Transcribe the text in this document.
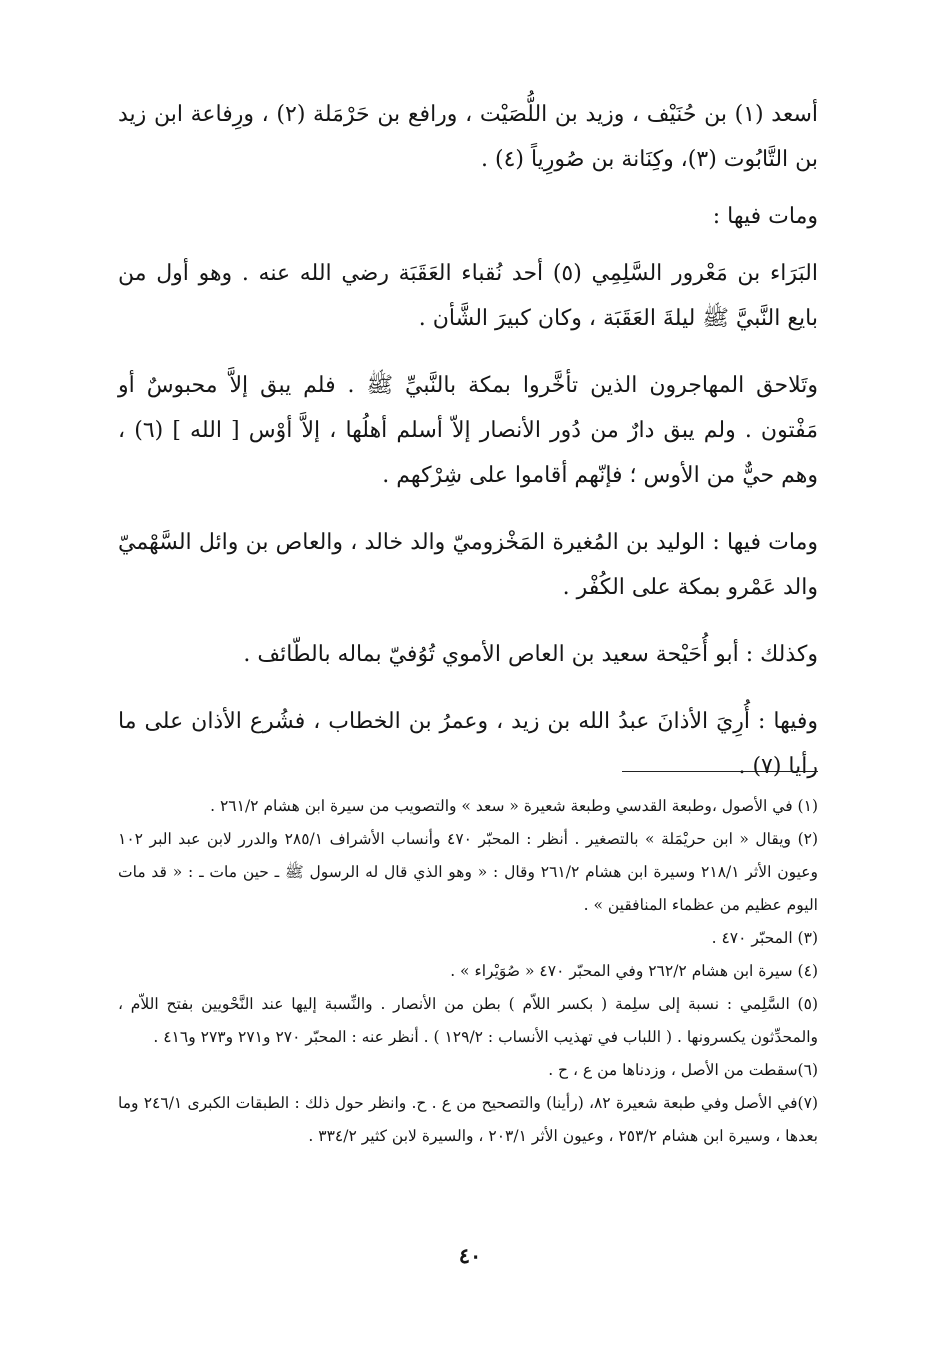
أسعد (١) بن حُنَيْف ، وزيد بن اللُّصَيْت ، ورافع بن حَرْمَلة (٢) ، ورِفاعة ابن زيد بن التَّابُوت (٣)، وكِنَانة بن صُورِياً (٤) .

ومات فيها :

البَرَاء بن مَعْرور السَّلِمِي (٥) أحد نُقباء العَقَبَة رضي الله عنه . وهو أول من بايع النَّبيَّ ﷺ ليلةَ العَقَبَة ، وكان كبيرَ الشَّأن .

وتَلاحق المهاجرون الذين تأخَّروا بمكة بالنَّبيِّ ﷺ . فلم يبق إلاَّ محبوسٌ أو مَفْتون . ولم يبق دارٌ من دُور الأنصار إلاّ أسلم أهلُها ، إلاَّ أوْس [ الله ] (٦) ، وهم حيٌّ من الأوس ؛ فإنّهم أقاموا على شِرْكهم .

ومات فيها : الوليد بن المُغيرة المَخْزوميّ والد خالد ، والعاص بن وائل السَّهْميّ والد عَمْرو بمكة على الكُفْر .

وكذلك : أبو أُحَيْحة سعيد بن العاص الأموي تُوُفيّ بماله بالطّائف .

وفيها : أُرِيَ الأذانَ عبدُ الله بن زيد ، وعمرُ بن الخطاب ، فشُرع الأذان على ما رأيا (٧) .

(١) في الأصول ،وطبعة القدسي وطبعة شعيرة « سعد » والتصويب من سيرة ابن هشام ٢٦١/٢ .

(٢) ويقال « ابن حريْمَلة » بالتصغير . أنظر : المحبّر ٤٧٠ وأنساب الأشراف ٢٨٥/١ والدرر لابن عبد البر ١٠٢ وعيون الأثر ٢١٨/١ وسيرة ابن هشام ٢٦١/٢ وقال : « وهو الذي قال له الرسول ﷺ ـ حين مات ـ : « قد مات اليوم عظيم من عظماء المنافقين » .

(٣) المحبّر ٤٧٠ .

(٤) سيرة ابن هشام ٢٦٢/٢ وفي المحبّر ٤٧٠ « صُوَيْراء » .

(٥) السَّلِمي : نسبة إلى سلِمة ( بكسر اللاّم ) بطن من الأنصار . والنِّسبة إليها عند النَّحْويين بفتح اللاّم ، والمحدِّثون يكسرونها . ( اللباب في تهذيب الأنساب : ١٢٩/٢ ) . أنظر عنه : المحبّر ٢٧٠ و٢٧١ و٢٧٣ و٤١٦ .

(٦)سقطت من الأصل ، وزدناها من ع ، ح .

(٧)في الأصل وفي طبعة شعيرة ٨٢، (رأينا) والتصحيح من ع . ح. وانظر حول ذلك : الطبقات الكبرى ٢٤٦/١ وما بعدها ، وسيرة ابن هشام ٢٥٣/٢ ، وعيون الأثر ٢٠٣/١ ، والسيرة لابن كثير ٣٣٤/٢ .

٤٠
